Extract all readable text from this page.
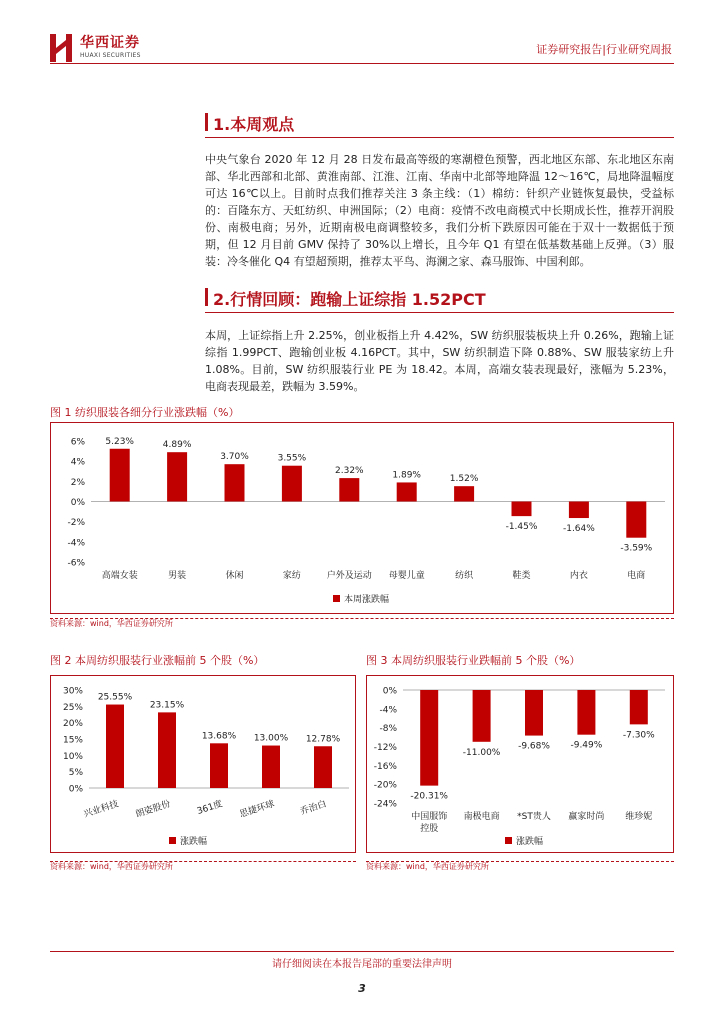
华西证券
HUAXI SECURITIES	证券研究报告|行业研究周报
1.本周观点
中央气象台 2020 年 12 月 28 日发布最高等级的寒潮橙色预警，西北地区东部、东北地区东南部、华北西部和北部、黄淮南部、江淮、江南、华南中北部等地降温 12～16℃，局地降温幅度可达 16℃以上。目前时点我们推荐关注 3 条主线：（1）棉纺：针织产业链恢复最快，受益标的：百隆东方、天虹纺织、申洲国际；（2）电商：疫情不改电商模式中长期成长性，推荐开润股份、南极电商；另外，近期南极电商调整较多，我们分析下跌原因可能在于双十一数据低于预期，但 12 月目前 GMV 保持了 30%以上增长，且今年 Q1 有望在低基数基础上反弹。（3）服装：冷冬催化 Q4 有望超预期，推荐太平鸟、海澜之家、森马服饰、中国利郎。
2.行情回顾：跑输上证综指 1.52PCT
本周，上证综指上升 2.25%，创业板指上升 4.42%，SW 纺织服装板块上升 0.26%，跑输上证综指 1.99PCT、跑输创业板 4.16PCT。其中，SW 纺织制造下降 0.88%、SW 服装家纺上升 1.08%。目前，SW 纺织服装行业 PE 为 18.42。本周，高端女装表现最好，涨幅为 5.23%，电商表现最差，跌幅为 3.59%。
图 1 纺织服装各细分行业涨跌幅（%）
6%
4%
2%
0%
-2%
-4%
-6%
5.23%
高端女装
4.89%
男装
3.70%
休闲
3.55%
家纺
2.32%
户外及运动
1.89%
母婴儿童
1.52%
纺织
-1.45%
鞋类
-1.64%
内衣
-3.59%
电商
本周涨跌幅
资料来源：wind，华西证券研究所
图 2 本周纺织服装行业涨幅前 5 个股（%）
30%
25%
20%
15%
10%
5%
0%
25.55%
兴业科技
23.15%
朗姿股份
13.68%
361度
13.00%
思捷环球
12.78%
乔治白
涨跌幅
资料来源：wind，华西证券研究所
图 3 本周纺织服装行业跌幅前 5 个股（%）
0%
-4%
-8%
-12%
-16%
-20%
-24%
-20.31%
中国服饰
控股
-11.00%
南极电商
-9.68%
*ST贵人
-9.49%
赢家时尚
-7.30%
维珍妮
涨跌幅
资料来源：wind，华西证券研究所
请仔细阅读在本报告尾部的重要法律声明
3
